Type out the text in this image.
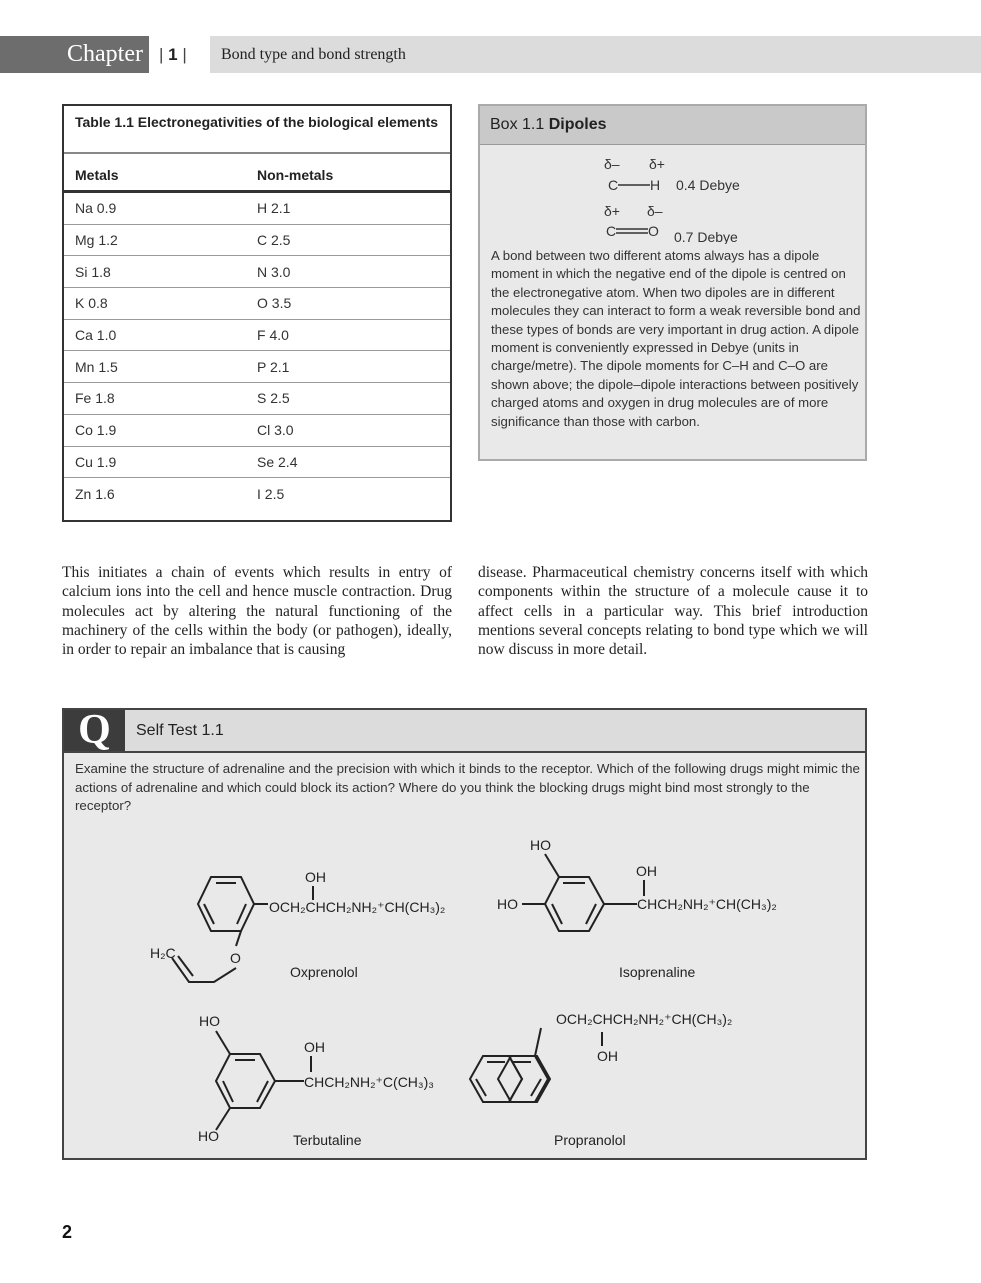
Chapter | 1 |	Bond type and bond strength
Table 1.1 Electronegativities of the biological elements
Metals	Non-metals
Na 0.9	H 2.1
Mg 1.2	C 2.5
Si 1.8	N 3.0
K 0.8	O 3.5
Ca 1.0	F 4.0
Mn 1.5	P 2.1
Fe 1.8	S 2.5
Co 1.9	Cl 3.0
Cu 1.9	Se 2.4
Zn 1.6	I 2.5
Box 1.1 Dipoles
δ– δ+
C H 0.4 Debye
δ+ δ–
C O 0.7 Debye
A bond between two different atoms always has a dipole moment in which the negative end of the dipole is centred on the electronegative atom. When two dipoles are in different molecules they can interact to form a weak reversible bond and these types of bonds are very important in drug action. A dipole moment is conveniently expressed in Debye (units in charge/metre). The dipole moments for C–H and C–O are shown above; the dipole–dipole interactions between positively charged atoms and oxygen in drug molecules are of more significance than those with carbon.
This initiates a chain of events which results in entry of calcium ions into the cell and hence muscle contraction. Drug molecules act by altering the natural functioning of the machinery of the cells within the body (or pathogen), ideally, in order to repair an imbalance that is causing
disease. Pharmaceutical chemistry concerns itself with which components within the structure of a molecule cause it to affect cells in a particular way. This brief introduction mentions several concepts relating to bond type which we will now discuss in more detail.
Q	Self Test 1.1
Examine the structure of adrenaline and the precision with which it binds to the receptor. Which of the following drugs might mimic the actions of adrenaline and which could block its action? Where do you think the blocking drugs might bind most strongly to the receptor?
OH
OCH₂CHCH₂NH₂⁺CH(CH₃)₂
O
H₂C
Oxprenolol
HO
HO
OH
CHCH₂NH₂⁺CH(CH₃)₂
Isoprenaline
HO
HO
OH
CHCH₂NH₂⁺C(CH₃)₃
Terbutaline
OCH₂CHCH₂NH₂⁺CH(CH₃)₂
OH
Propranolol
2
